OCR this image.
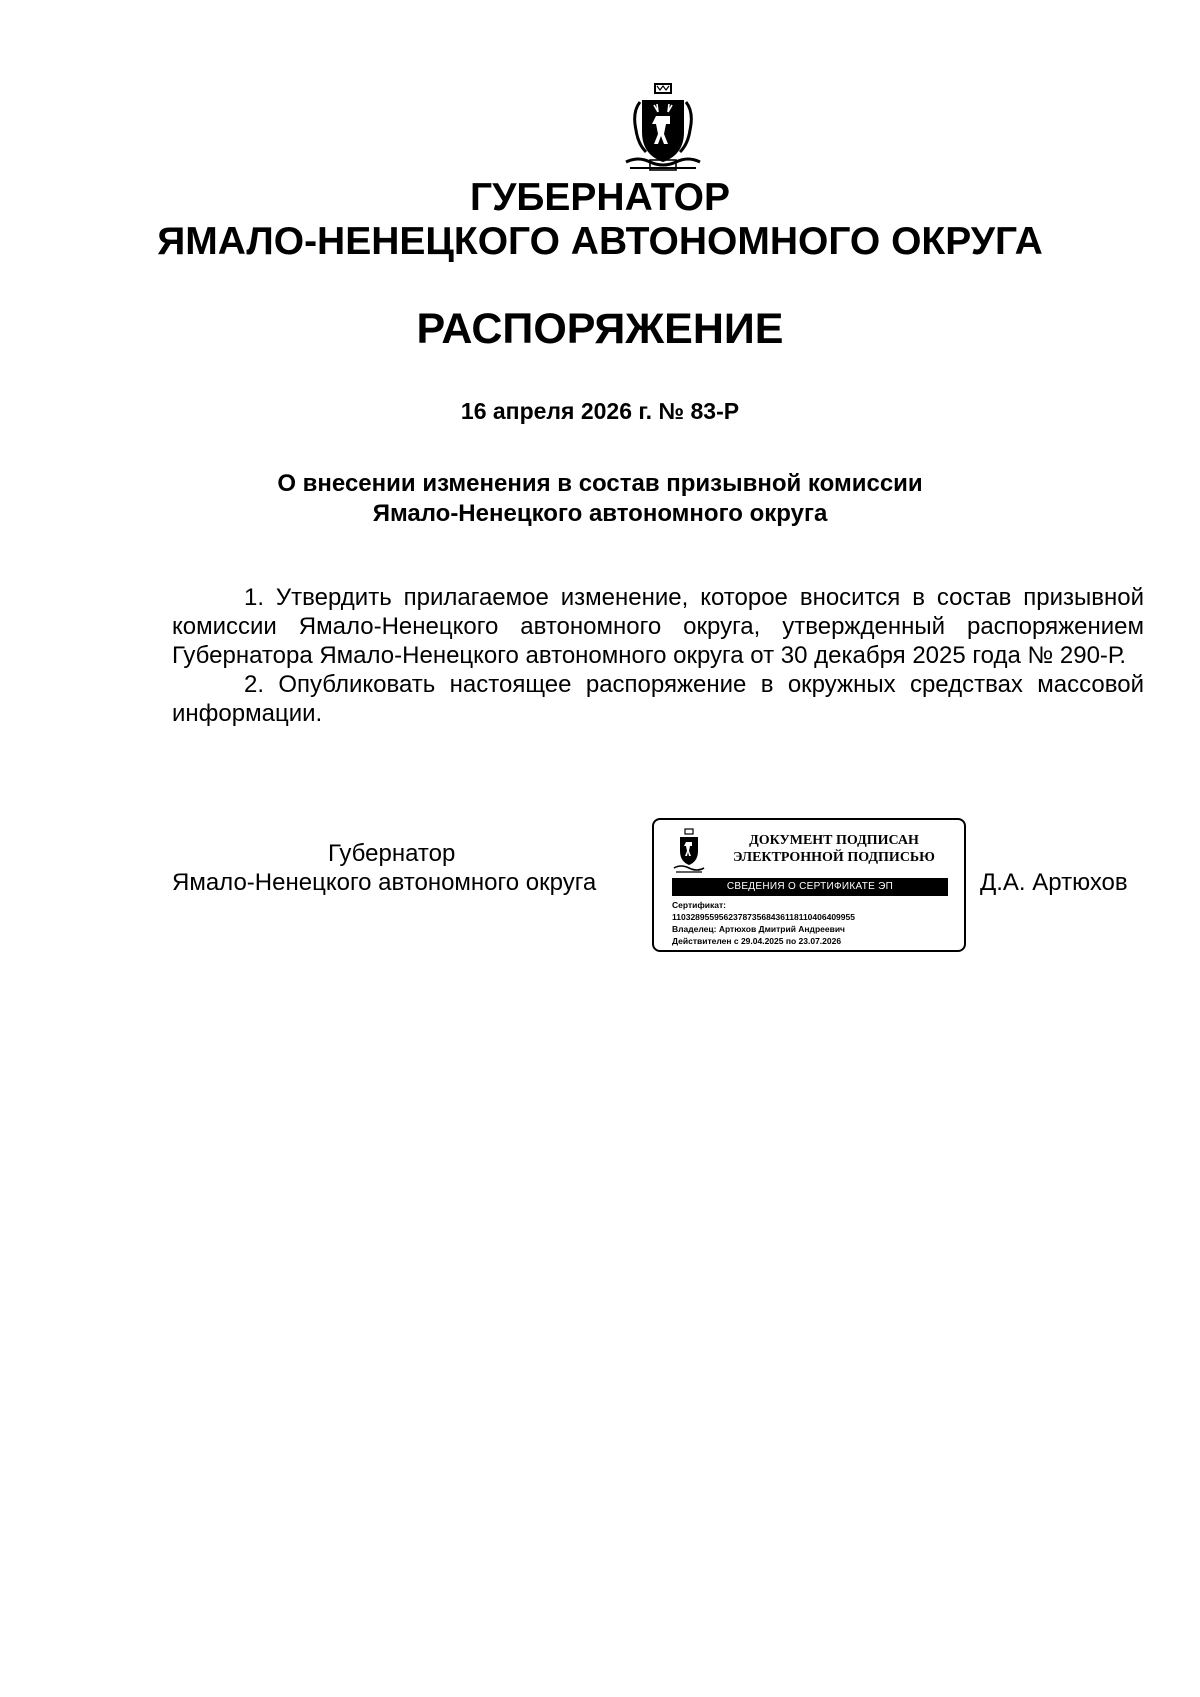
ГУБЕРНАТОР
ЯМАЛО-НЕНЕЦКОГО АВТОНОМНОГО ОКРУГА
РАСПОРЯЖЕНИЕ
16 апреля 2026 г. № 83-Р
О внесении изменения в состав призывной комиссии
Ямало-Ненецкого автономного округа

1. Утвердить прилагаемое изменение, которое вносится в состав призывной комиссии Ямало-Ненецкого автономного округа, утвержденный распоряжением Губернатора Ямало-Ненецкого автономного округа от 30 декабря 2025 года № 290-Р.

2. Опубликовать настоящее распоряжение в окружных средствах массовой информации.

Губернатор
Ямало-Ненецкого автономного округа
ДОКУМЕНТ ПОДПИСАН
ЭЛЕКТРОННОЙ ПОДПИСЬЮ
СВЕДЕНИЯ О СЕРТИФИКАТЕ ЭП
Сертификат:
11032895595623787356843611811040640​9955
Владелец: Артюхов Дмитрий Андреевич
Действителен с 29.04.2025 по 23.07.2026
Д.А. Артюхов
